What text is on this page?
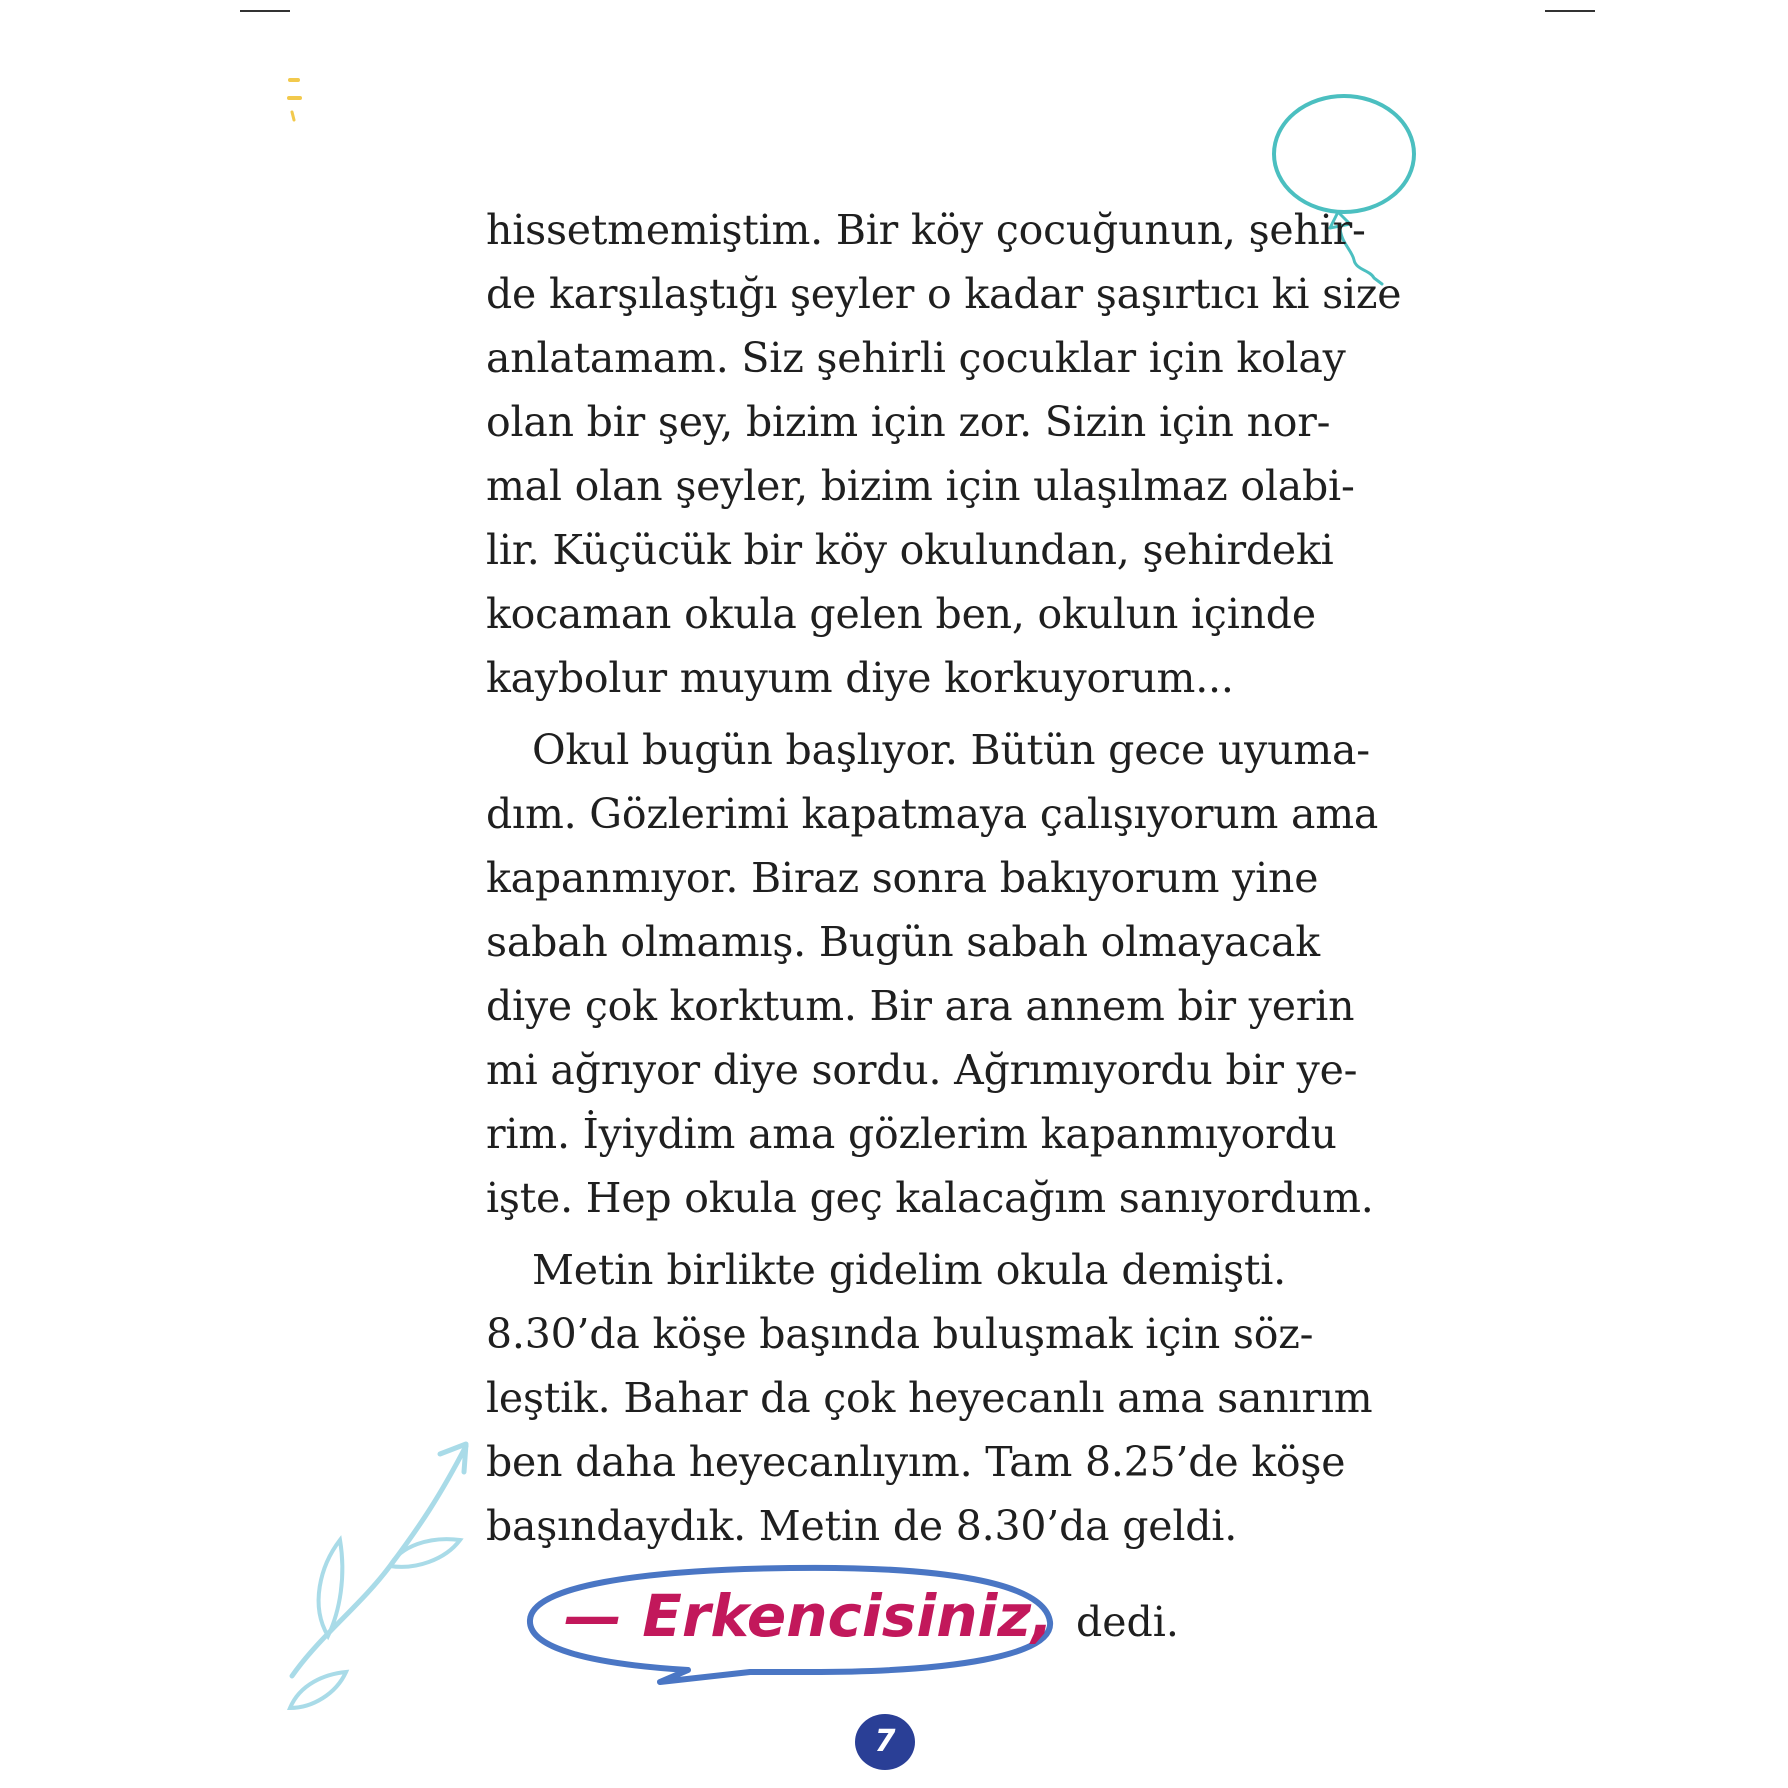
hissetmemiştim. Bir köy çocuğunun, şehir-
de karşılaştığı şeyler o kadar şaşırtıcı ki size
anlatamam. Siz şehirli çocuklar için kolay
olan bir şey, bizim için zor. Sizin için nor-
mal olan şeyler, bizim için ulaşılmaz olabi-
lir. Küçücük bir köy okulundan, şehirdeki
kocaman okula gelen ben, okulun içinde
kaybolur muyum diye korkuyorum...
Okul bugün başlıyor. Bütün gece uyuma-
dım. Gözlerimi kapatmaya çalışıyorum ama
kapanmıyor. Biraz sonra bakıyorum yine
sabah olmamış. Bugün sabah olmayacak
diye çok korktum. Bir ara annem bir yerin
mi ağrıyor diye sordu. Ağrımıyordu bir ye-
rim. İyiydim ama gözlerim kapanmıyordu
işte. Hep okula geç kalacağım sanıyordum.
Metin birlikte gidelim okula demişti.
8.30’da köşe başında buluşmak için söz-
leştik. Bahar da çok heyecanlı ama sanırım
ben daha heyecanlıyım. Tam 8.25’de köşe
başındaydık. Metin de 8.30’da geldi.
— Erkencisiniz, dedi.
7
